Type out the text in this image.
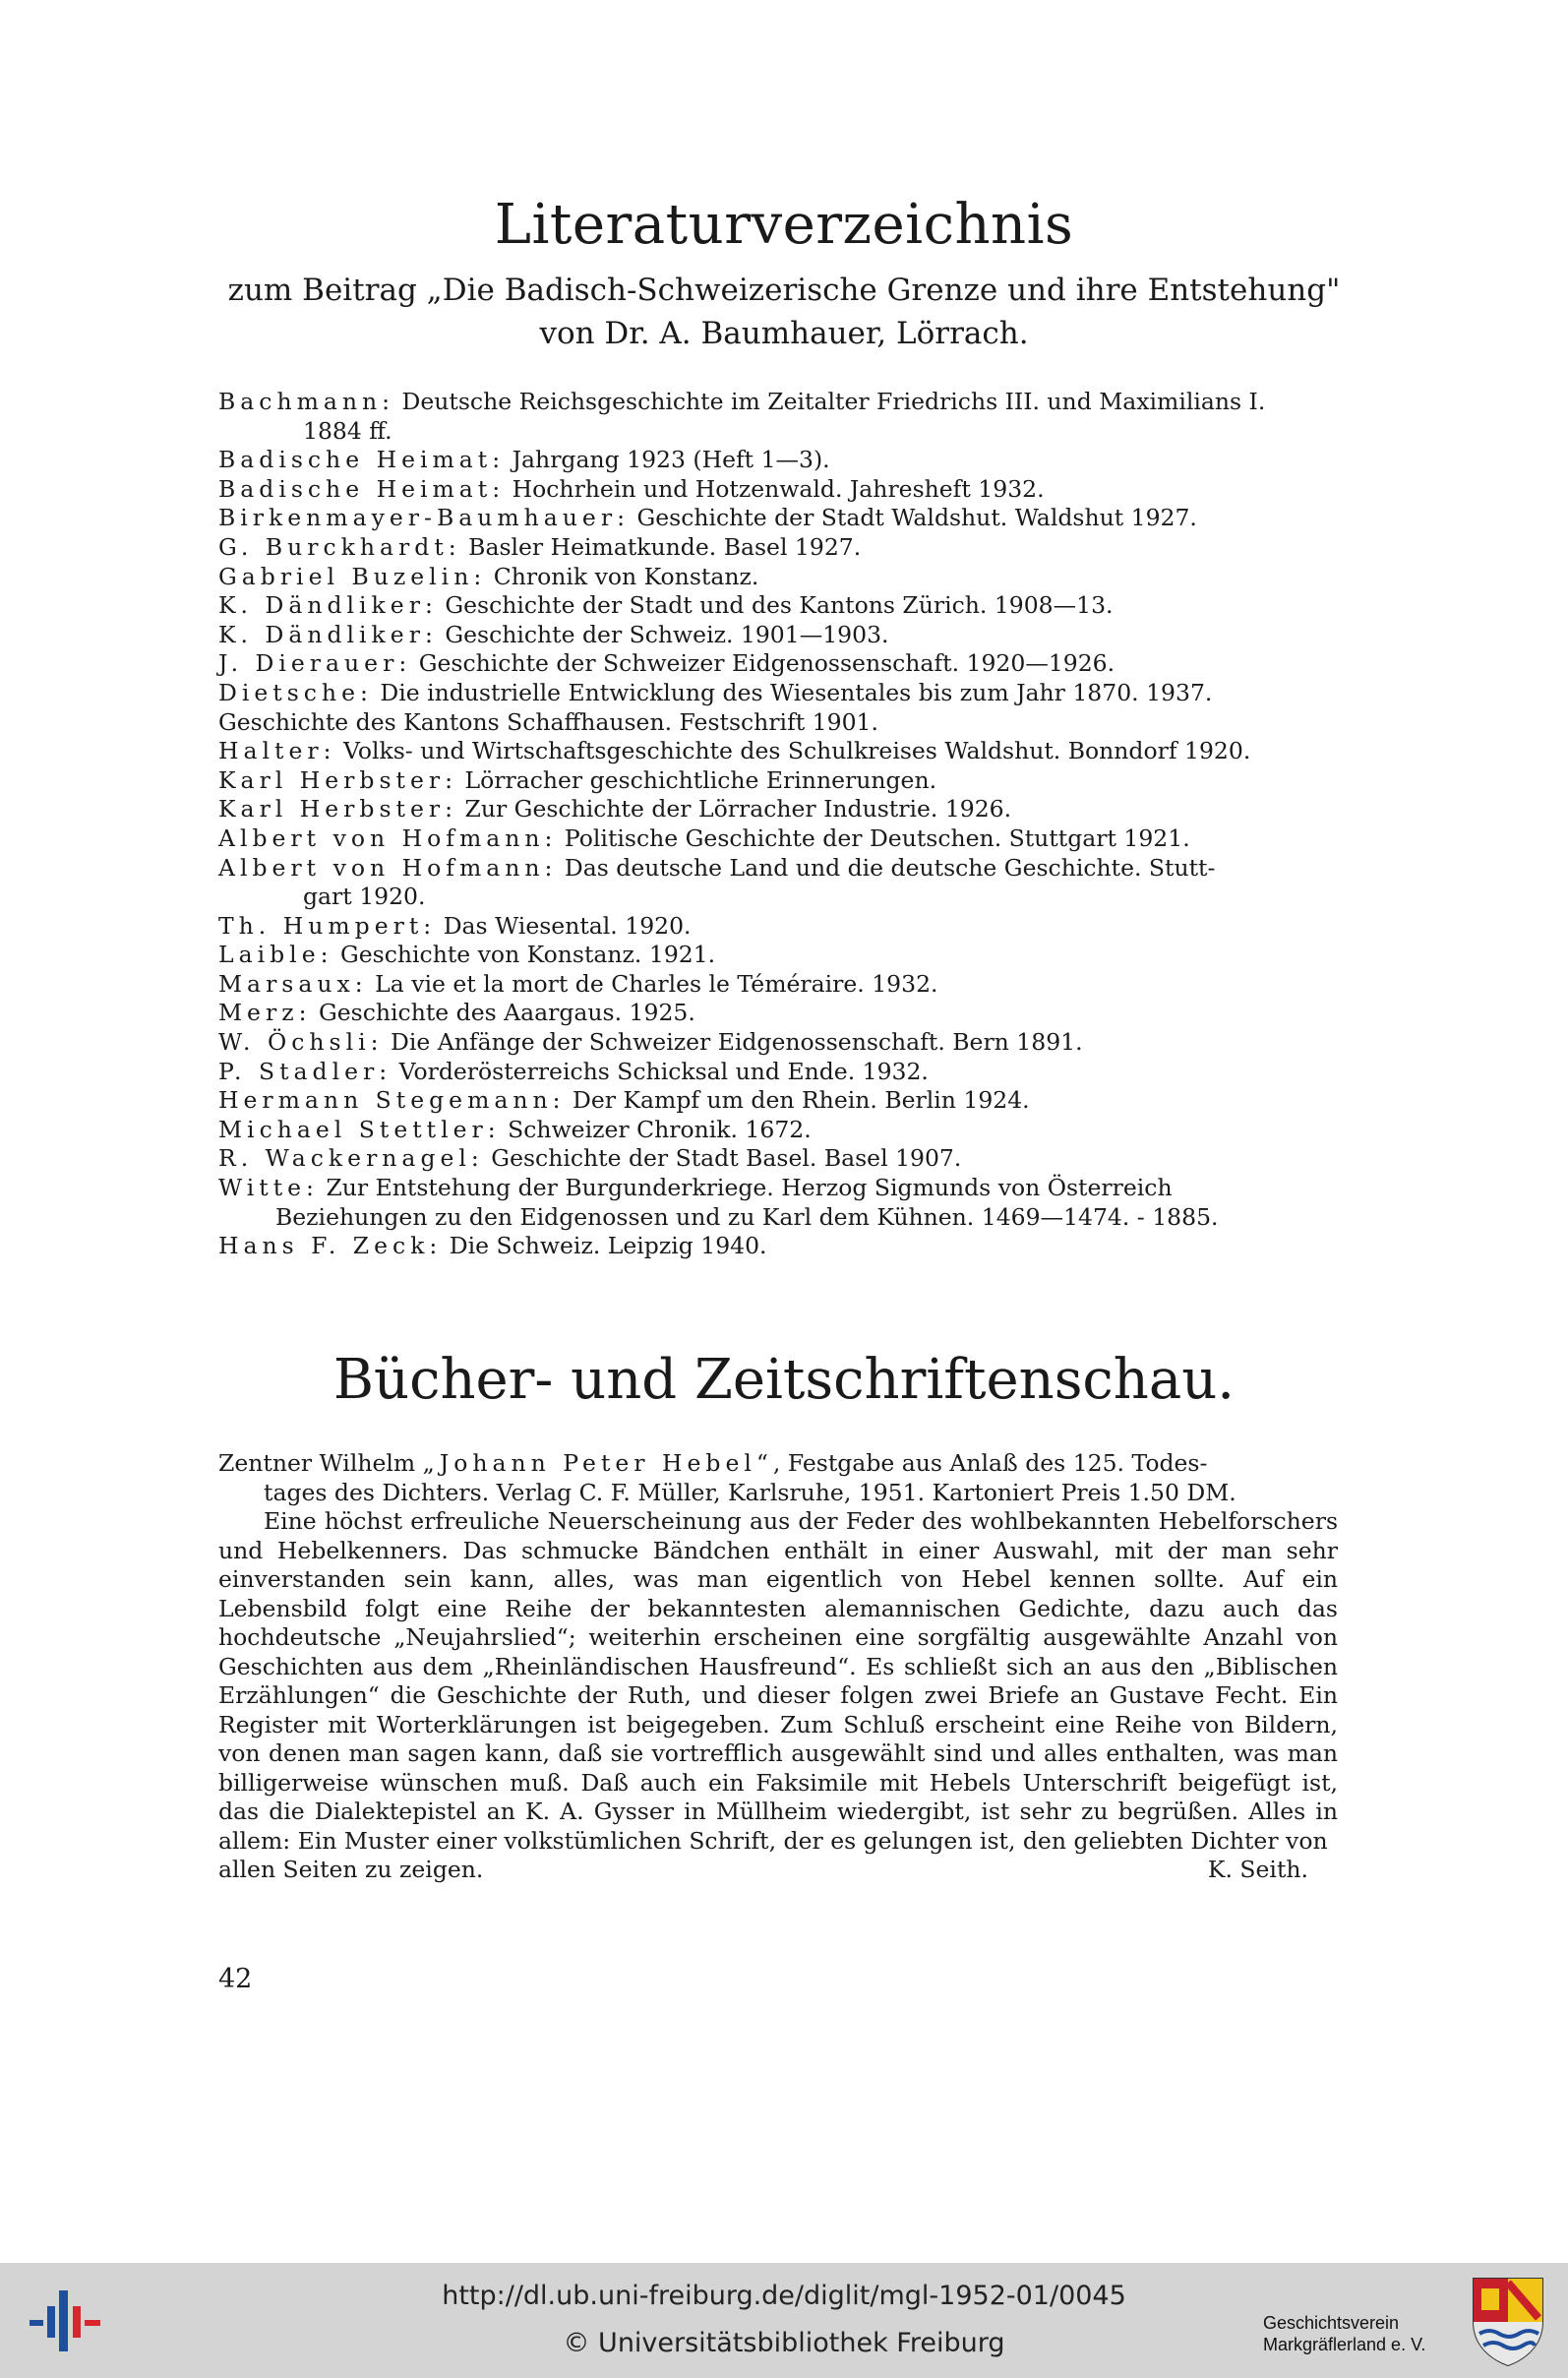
Literaturverzeichnis
zum Beitrag „Die Badisch-Schweizerische Grenze und ihre Entstehung"
von Dr. A. Baumhauer, Lörrach.
Bachmann: Deutsche Reichsgeschichte im Zeitalter Friedrichs III. und Maximilians I.
1884 ff.
Badische Heimat: Jahrgang 1923 (Heft 1—3).
Badische Heimat: Hochrhein und Hotzenwald. Jahresheft 1932.
Birkenmayer-Baumhauer: Geschichte der Stadt Waldshut. Waldshut 1927.
G. Burckhardt: Basler Heimatkunde. Basel 1927.
Gabriel Buzelin: Chronik von Konstanz.
K. Dändliker: Geschichte der Stadt und des Kantons Zürich. 1908—13.
K. Dändliker: Geschichte der Schweiz. 1901—1903.
J. Dierauer: Geschichte der Schweizer Eidgenossenschaft. 1920—1926.
Dietsche: Die industrielle Entwicklung des Wiesentales bis zum Jahr 1870. 1937.
Geschichte des Kantons Schaffhausen. Festschrift 1901.
Halter: Volks- und Wirtschaftsgeschichte des Schulkreises Waldshut. Bonndorf 1920.
Karl Herbster: Lörracher geschichtliche Erinnerungen.
Karl Herbster: Zur Geschichte der Lörracher Industrie. 1926.
Albert von Hofmann: Politische Geschichte der Deutschen. Stuttgart 1921.
Albert von Hofmann: Das deutsche Land und die deutsche Geschichte. Stutt-
gart 1920.
Th. Humpert: Das Wiesental. 1920.
Laible: Geschichte von Konstanz. 1921.
Marsaux: La vie et la mort de Charles le Téméraire. 1932.
Merz: Geschichte des Aaargaus. 1925.
W. Öchsli: Die Anfänge der Schweizer Eidgenossenschaft. Bern 1891.
P. Stadler: Vorderösterreichs Schicksal und Ende. 1932.
Hermann Stegemann: Der Kampf um den Rhein. Berlin 1924.
Michael Stettler: Schweizer Chronik. 1672.
R. Wackernagel: Geschichte der Stadt Basel. Basel 1907.
Witte: Zur Entstehung der Burgunderkriege. Herzog Sigmunds von Österreich
Beziehungen zu den Eidgenossen und zu Karl dem Kühnen. 1469—1474. - 1885.
Hans F. Zeck: Die Schweiz. Leipzig 1940.
Bücher- und Zeitschriftenschau.
Zentner Wilhelm „Johann Peter Hebel“, Festgabe aus Anlaß des 125. Todes-
tages des Dichters. Verlag C. F. Müller, Karlsruhe, 1951. Kartoniert Preis 1.50 DM.

Eine höchst erfreuliche Neuerscheinung aus der Feder des wohlbekannten Hebelforschers und Hebelkenners. Das schmucke Bändchen enthält in einer Auswahl, mit der man sehr einverstanden sein kann, alles, was man eigentlich von Hebel kennen sollte. Auf ein Lebensbild folgt eine Reihe der bekanntesten alemannischen Gedichte, dazu auch das hochdeutsche „Neujahrslied“; weiterhin erscheinen eine sorgfältig ausgewählte Anzahl von Geschichten aus dem „Rheinländischen Hausfreund“. Es schließt sich an aus den „Biblischen Erzählungen“ die Geschichte der Ruth, und dieser folgen zwei Briefe an Gustave Fecht. Ein Register mit Worterklärungen ist beigegeben. Zum Schluß erscheint eine Reihe von Bildern, von denen man sagen kann, daß sie vortrefflich ausgewählt sind und alles enthalten, was man billigerweise wünschen muß. Daß auch ein Faksimile mit Hebels Unterschrift beigefügt ist, das die Dialektepistel an K. A. Gysser in Müllheim wiedergibt, ist sehr zu begrüßen. Alles in allem: Ein Muster einer volkstümlichen Schrift, der es gelungen ist, den geliebten Dichter von

allen Seiten zu zeigen.	K. Seith.
42
http://dl.ub.uni-freiburg.de/diglit/mgl-1952-01/0045
© Universitätsbibliothek Freiburg
Geschichtsverein
Markgräflerland e. V.
